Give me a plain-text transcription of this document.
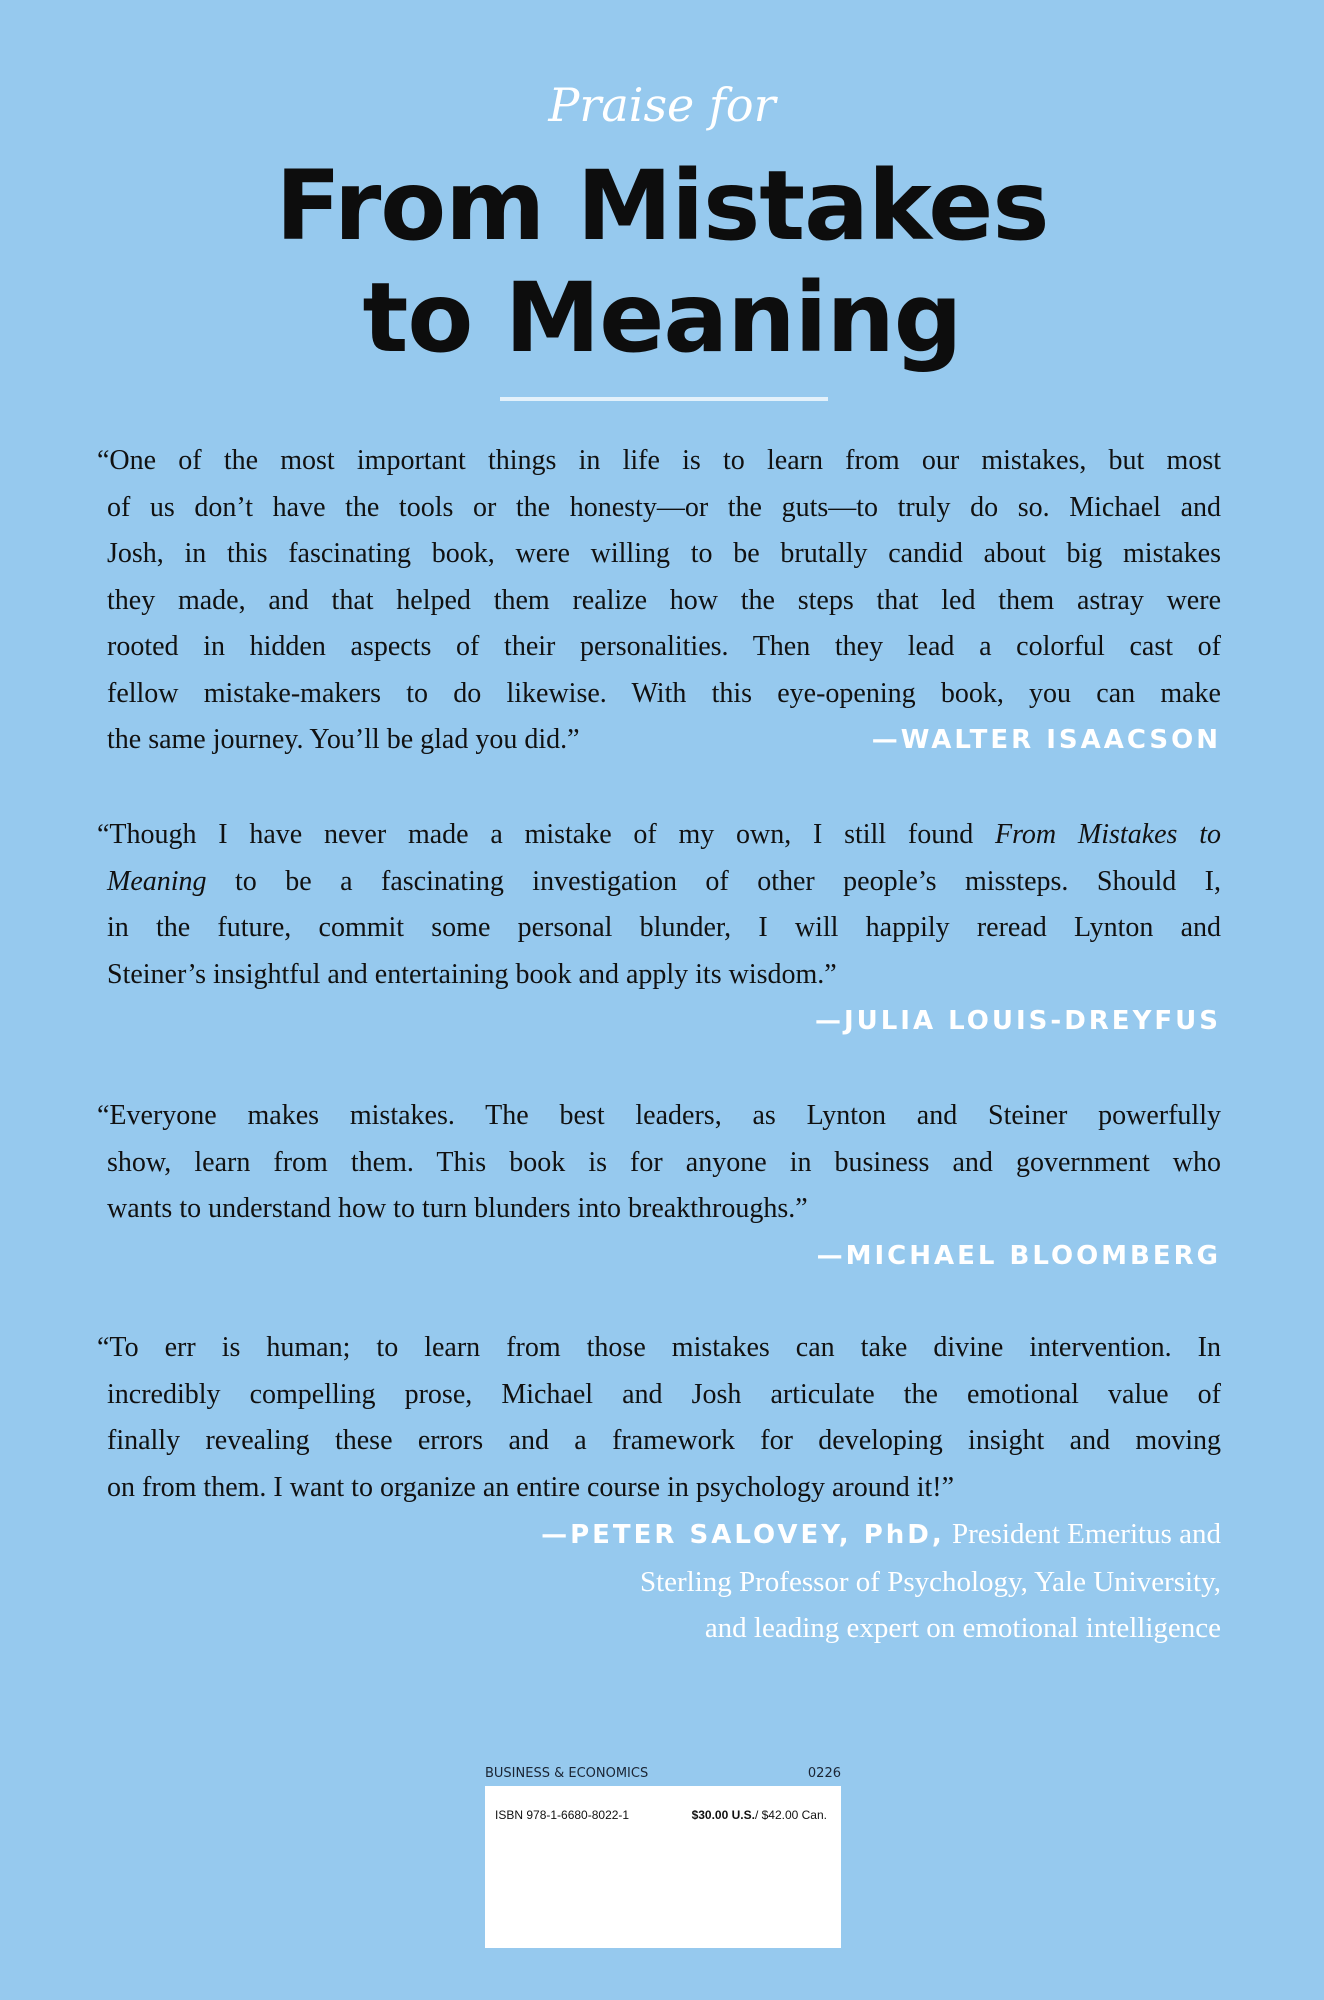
Praise for
From Mistakes
to Meaning
“One of the most important things in life is to learn from our mistakes, but most
of us don’t have the tools or the honesty—or the guts—to truly do so. Michael and
Josh, in this fascinating book, were willing to be brutally candid about big mistakes
they made, and that helped them realize how the steps that led them astray were
rooted in hidden aspects of their personalities. Then they lead a colorful cast of
fellow mistake-makers to do likewise. With this eye-opening book, you can make
the same journey. You’ll be glad you did.”	—WALTER ISAACSON
“Though I have never made a mistake of my own, I still found From Mistakes to
Meaning to be a fascinating investigation of other people’s missteps. Should I,
in the future, commit some personal blunder, I will happily reread Lynton and
Steiner’s insightful and entertaining book and apply its wisdom.”
—JULIA LOUIS-DREYFUS
“Everyone makes mistakes. The best leaders, as Lynton and Steiner powerfully
show, learn from them. This book is for anyone in business and government who
wants to understand how to turn blunders into breakthroughs.”
—MICHAEL BLOOMBERG
“To err is human; to learn from those mistakes can take divine intervention. In
incredibly compelling prose, Michael and Josh articulate the emotional value of
finally revealing these errors and a framework for developing insight and moving
on from them. I want to organize an entire course in psychology around it!”
—PETER SALOVEY, PhD, President Emeritus and
Sterling Professor of Psychology, Yale University,
and leading expert on emotional intelligence
BUSINESS & ECONOMICS	0226
ISBN 978-1-6680-8022-1	$30.00 U.S./ $42.00 Can.
